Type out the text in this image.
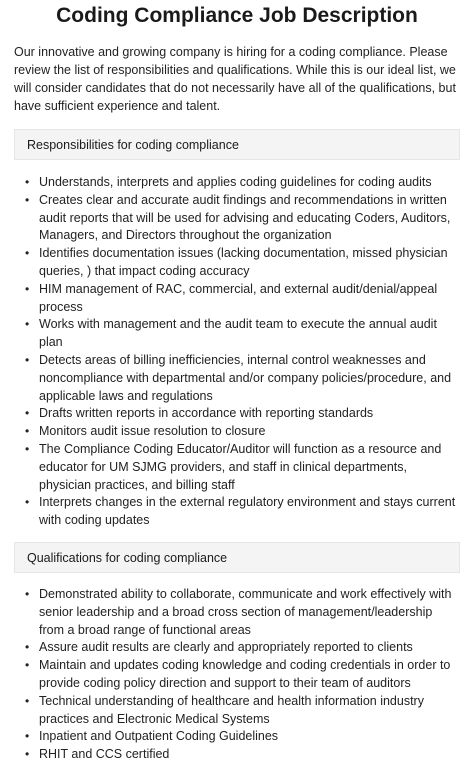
Coding Compliance Job Description

Our innovative and growing company is hiring for a coding compliance. Please review the list of responsibilities and qualifications. While this is our ideal list, we will consider candidates that do not necessarily have all of the qualifications, but have sufficient experience and talent.

Responsibilities for coding compliance
• Understands, interprets and applies coding guidelines for coding audits
• Creates clear and accurate audit findings and recommendations in written audit reports that will be used for advising and educating Coders, Auditors, Managers, and Directors throughout the organization
• Identifies documentation issues (lacking documentation, missed physician queries, ) that impact coding accuracy
• HIM management of RAC, commercial, and external audit/denial/appeal process
• Works with management and the audit team to execute the annual audit plan
• Detects areas of billing inefficiencies, internal control weaknesses and noncompliance with departmental and/or company policies/procedure, and applicable laws and regulations
• Drafts written reports in accordance with reporting standards
• Monitors audit issue resolution to closure
• The Compliance Coding Educator/Auditor will function as a resource and educator for UM SJMG providers, and staff in clinical departments, physician practices, and billing staff
• Interprets changes in the external regulatory environment and stays current with coding updates
Qualifications for coding compliance
• Demonstrated ability to collaborate, communicate and work effectively with senior leadership and a broad cross section of management/leadership from a broad range of functional areas
• Assure audit results are clearly and appropriately reported to clients
• Maintain and updates coding knowledge and coding credentials in order to provide coding policy direction and support to their team of auditors
• Technical understanding of healthcare and health information industry practices and Electronic Medical Systems
• Inpatient and Outpatient Coding Guidelines
• RHIT and CCS certified
